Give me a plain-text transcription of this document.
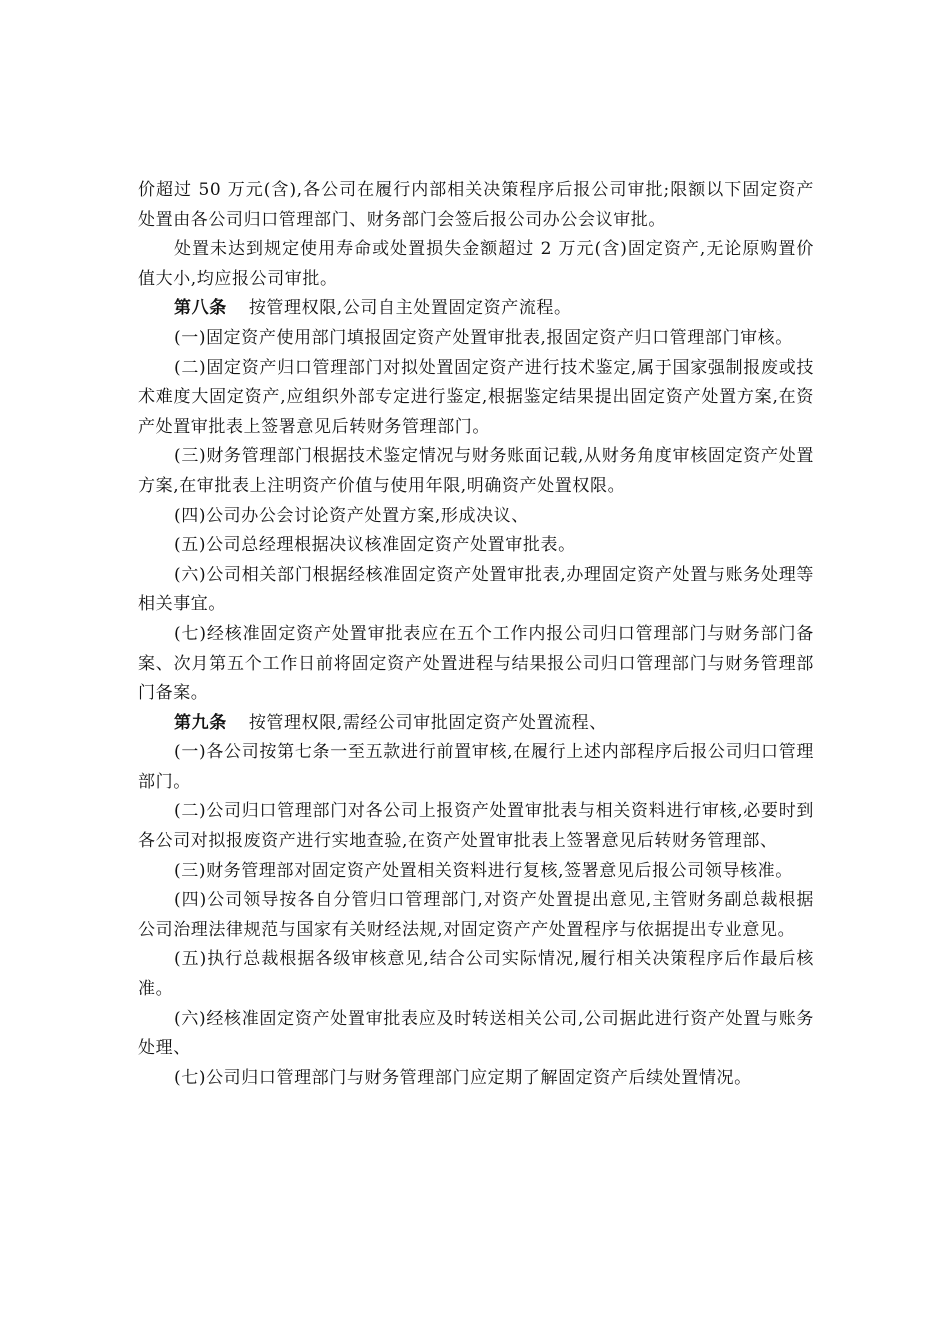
价超过 50 万元(含),各公司在履行内部相关决策程序后报公司审批;限额以下固定资产处置由各公司归口管理部门、财务部门会签后报公司办公会议审批。

处置未达到规定使用寿命或处置损失金额超过 2 万元(含)固定资产,无论原购置价值大小,均应报公司审批。

第八条 按管理权限,公司自主处置固定资产流程。

(一)固定资产使用部门填报固定资产处置审批表,报固定资产归口管理部门审核。

(二)固定资产归口管理部门对拟处置固定资产进行技术鉴定,属于国家强制报废或技术难度大固定资产,应组织外部专定进行鉴定,根据鉴定结果提出固定资产处置方案,在资产处置审批表上签署意见后转财务管理部门。

(三)财务管理部门根据技术鉴定情况与财务账面记载,从财务角度审核固定资产处置方案,在审批表上注明资产价值与使用年限,明确资产处置权限。

(四)公司办公会讨论资产处置方案,形成决议、

(五)公司总经理根据决议核准固定资产处置审批表。

(六)公司相关部门根据经核准固定资产处置审批表,办理固定资产处置与账务处理等相关事宜。

(七)经核准固定资产处置审批表应在五个工作内报公司归口管理部门与财务部门备案、次月第五个工作日前将固定资产处置进程与结果报公司归口管理部门与财务管理部门备案。

第九条 按管理权限,需经公司审批固定资产处置流程、

(一)各公司按第七条一至五款进行前置审核,在履行上述内部程序后报公司归口管理部门。

(二)公司归口管理部门对各公司上报资产处置审批表与相关资料进行审核,必要时到各公司对拟报废资产进行实地查验,在资产处置审批表上签署意见后转财务管理部、

(三)财务管理部对固定资产处置相关资料进行复核,签署意见后报公司领导核准。

(四)公司领导按各自分管归口管理部门,对资产处置提出意见,主管财务副总裁根据公司治理法律规范与国家有关财经法规,对固定资产产处置程序与依据提出专业意见。

(五)执行总裁根据各级审核意见,结合公司实际情况,履行相关决策程序后作最后核准。

(六)经核准固定资产处置审批表应及时转送相关公司,公司据此进行资产处置与账务处理、

(七)公司归口管理部门与财务管理部门应定期了解固定资产后续处置情况。
